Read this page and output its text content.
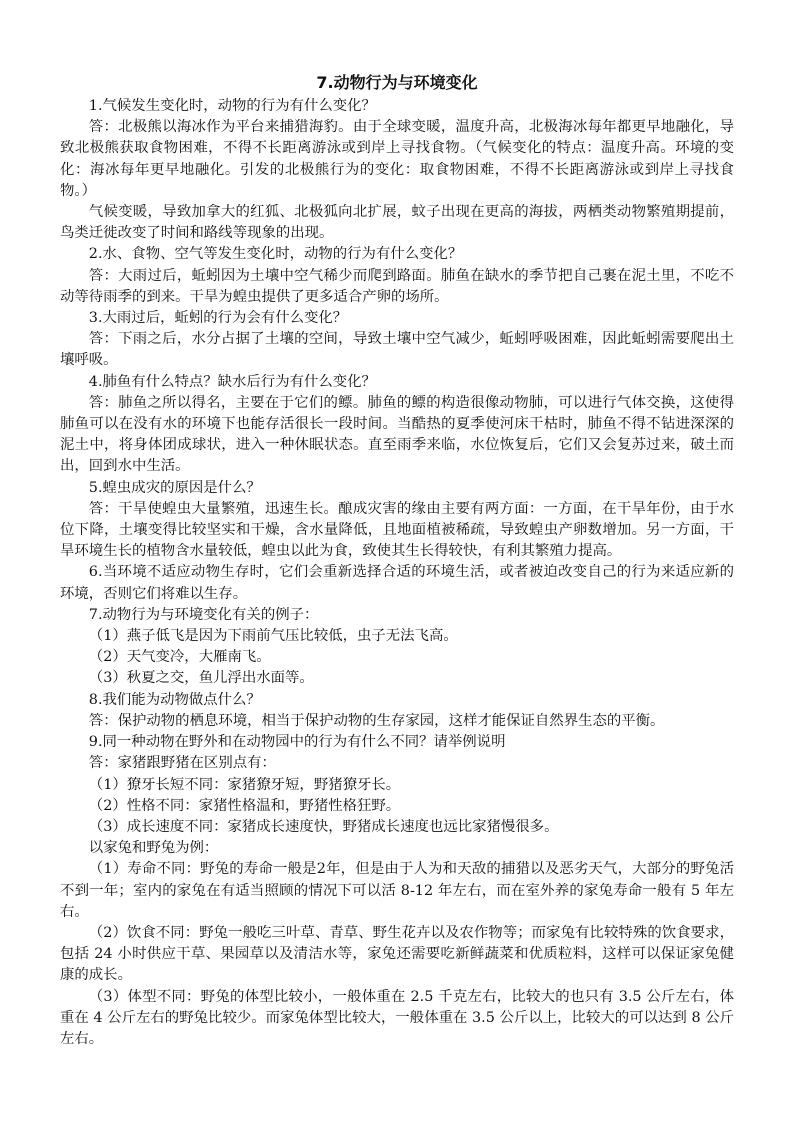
7.动物行为与环境变化

1.气候发生变化时，动物的行为有什么变化？

答：北极熊以海冰作为平台来捕猎海豹。由于全球变暖，温度升高，北极海冰每年都更早地融化，导致北极熊获取食物困难，不得不长距离游泳或到岸上寻找食物。（气候变化的特点：温度升高。环境的变化：海冰每年更早地融化。引发的北极熊行为的变化：取食物困难，不得不长距离游泳或到岸上寻找食物。）

气候变暖，导致加拿大的红狐、北极狐向北扩展，蚊子出现在更高的海拔，两栖类动物繁殖期提前，鸟类迁徙改变了时间和路线等现象的出现。

2.水、食物、空气等发生变化时，动物的行为有什么变化？

答：大雨过后，蚯蚓因为土壤中空气稀少而爬到路面。肺鱼在缺水的季节把自己裹在泥土里，不吃不动等待雨季的到来。干旱为蝗虫提供了更多适合产卵的场所。

3.大雨过后，蚯蚓的行为会有什么变化？

答：下雨之后，水分占据了土壤的空间，导致土壤中空气减少，蚯蚓呼吸困难，因此蚯蚓需要爬出土壤呼吸。

4.肺鱼有什么特点？缺水后行为有什么变化？

答：肺鱼之所以得名，主要在于它们的鳔。肺鱼的鳔的构造很像动物肺，可以进行气体交换，这使得肺鱼可以在没有水的环境下也能存活很长一段时间。当酷热的夏季使河床干枯时，肺鱼不得不钻进深深的泥土中，将身体团成球状，进入一种休眠状态。直至雨季来临，水位恢复后，它们又会复苏过来，破土而出，回到水中生活。

5.蝗虫成灾的原因是什么？

答：干旱使蝗虫大量繁殖，迅速生长。酿成灾害的缘由主要有两方面：一方面，在干旱年份，由于水位下降，土壤变得比较坚实和干燥，含水量降低，且地面植被稀疏，导致蝗虫产卵数增加。另一方面，干旱环境生长的植物含水量较低，蝗虫以此为食，致使其生长得较快，有利其繁殖力提高。

6.当环境不适应动物生存时，它们会重新选择合适的环境生活，或者被迫改变自己的行为来适应新的环境，否则它们将难以生存。

7.动物行为与环境变化有关的例子：

（1）燕子低飞是因为下雨前气压比较低，虫子无法飞高。

（2）天气变冷，大雁南飞。

（3）秋夏之交，鱼儿浮出水面等。

8.我们能为动物做点什么？

答：保护动物的栖息环境，相当于保护动物的生存家园，这样才能保证自然界生态的平衡。

9.同一种动物在野外和在动物园中的行为有什么不同？请举例说明

答：家猪跟野猪在区别点有：

（1）獠牙长短不同：家猪獠牙短，野猪獠牙长。

（2）性格不同：家猪性格温和，野猪性格狂野。

（3）成长速度不同：家猪成长速度快，野猪成长速度也远比家猪慢很多。

以家兔和野兔为例：

（1）寿命不同：野兔的寿命一般是2年，但是由于人为和天敌的捕猎以及恶劣天气，大部分的野兔活不到一年；室内的家兔在有适当照顾的情况下可以活 8-12 年左右，而在室外养的家兔寿命一般有 5 年左右。

（2）饮食不同：野兔一般吃三叶草、青草、野生花卉以及农作物等；而家兔有比较特殊的饮食要求，包括 24 小时供应干草、果园草以及清洁水等，家兔还需要吃新鲜蔬菜和优质粒料，这样可以保证家兔健康的成长。

（3）体型不同：野兔的体型比较小，一般体重在 2.5 千克左右，比较大的也只有 3.5 公斤左右，体重在 4 公斤左右的野兔比较少。而家兔体型比较大，一般体重在 3.5 公斤以上，比较大的可以达到 8 公斤左右。
